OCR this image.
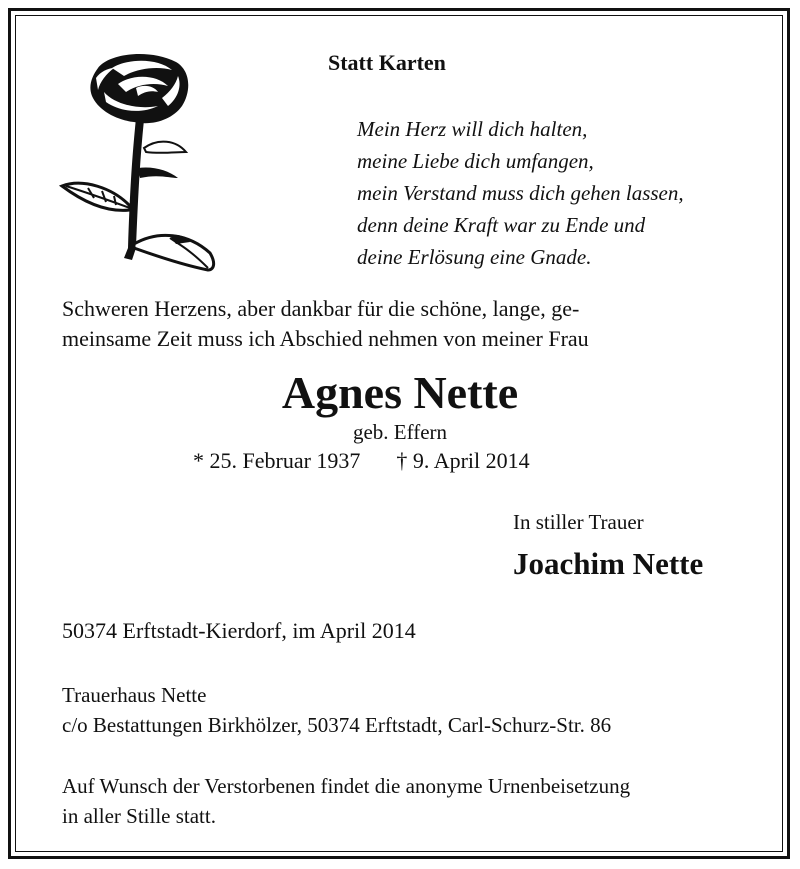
Statt Karten
Mein Herz will dich halten,
meine Liebe dich umfangen,
mein Verstand muss dich gehen lassen,
denn deine Kraft war zu Ende und
deine Erlösung eine Gnade.
Schweren Herzens, aber dankbar für die schöne, lange, ge-
meinsame Zeit muss ich Abschied nehmen von meiner Frau
Agnes Nette
geb. Effern
* 25. Februar 1937 † 9. April 2014
In stiller Trauer
Joachim Nette
50374 Erftstadt-Kierdorf, im April 2014
Trauerhaus Nette
c/o Bestattungen Birkhölzer, 50374 Erftstadt, Carl-Schurz-Str. 86
Auf Wunsch der Verstorbenen findet die anonyme Urnenbeisetzung
in aller Stille statt.
